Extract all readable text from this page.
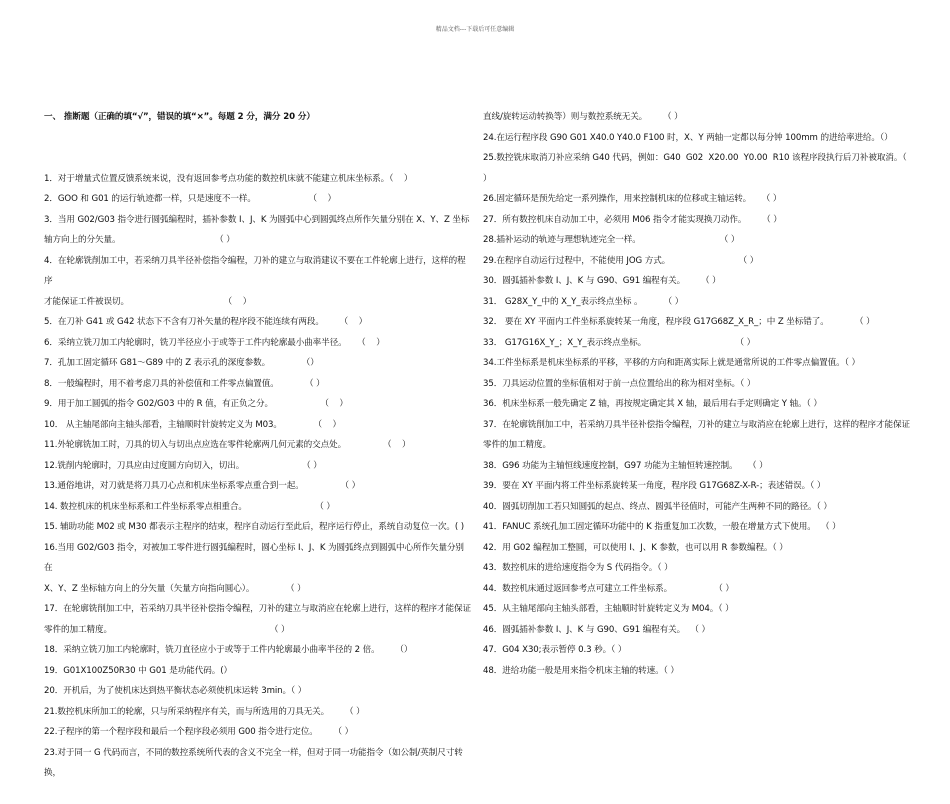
精品文档---下载后可任意编辑

一、 推断题（正确的填“√”，错误的填“×”。每题 2 分，满分 20 分）

1．对于增量式位置反馈系统来说，没有返回参考点功能的数控机床就不能建立机床坐标系。（    ）
2．GOO 和 G01 的运行轨迹都一样，只是速度不一样。                    （    ）
3．当用 G02/G03 指令进行圆弧编程时，插补参数 I、J、K 为圆弧中心到圆弧终点所作矢量分别在 X、Y、Z 坐标
轴方向上的分矢量。                                    （ ）
4．在轮廓铣削加工中，若采纳刀具半径补偿指令编程，刀补的建立与取消建议不要在工件轮廓上进行，这样的程序
才能保证工件被误切。                                    （    ）
5．在刀补 G41 或 G42 状态下不含有刀补矢量的程序段不能连续有两段。      （    ）
6．采纳立铣刀加工内轮廓时，铣刀半径应小于或等于工件内轮廓最小曲率半径。    （    ）
7．孔加工固定循环 G81～G89 中的 Z 表示孔的深度参数。            （）
8．一般编程时，用不着考虑刀具的补偿值和工件零点偏置值。          （ ）
9．用于加工圆弧的指令 G02/G03 中的 R 值，有正负之分。                  （    ）
10． 从主轴尾部向主轴头部看，主轴顺时针旋转定义为 M03。            （    ）
11.外轮廓铣加工时，刀具的切入与切出点应选在零件轮廓两几何元素的交点处。              （    ）
12.铣削内轮廓时，刀具应由过度圆方向切入，切出。                      （ ）
13.通俗地讲，对刀就是将刀具刀心点和机床坐标系零点重合到一起。              （ ）
14. 数控机床的机床坐标系和工件坐标系零点相重合。                          （ ）
15. 辅助功能 M02 或 M30 都表示主程序的结束，程序自动运行至此后，程序运行停止，系统自动复位一次。( )
16.当用 G02/G03 指令，对被加工零件进行圆弧编程时，圆心坐标 I、J、K 为圆弧终点到圆弧中心所作矢量分别在
X、Y、Z 坐标轴方向上的分矢量（矢量方向指向圆心）。            （ ）
17．在轮廓铣削加工中，若采纳刀具半径补偿指令编程，刀补的建立与取消应在轮廓上进行，这样的程序才能保证
零件的加工精度。                                                            （ ）
18．采纳立铣刀加工内轮廓时，铣刀直径应小于或等于工件内轮廓最小曲率半径的 2 倍。      （）
19．G01X100Z50R30 中 G01 是功能代码。(）
20．开机后，为了使机床达到热平衡状态必须使机床运转 3min。（ ）
21.数控机床所加工的轮廓，只与所采纳程序有关，而与所选用的刀具无关。      （ ）
22.子程序的第一个程序段和最后一个程序段必须用 G00 指令进行定位。      （ ）
23.对于同一 G 代码而言，不同的数控系统所代表的含义不完全一样，但对于同一功能指令（如公制/英制尺寸转换，

直线/旋转运动转换等）则与数控系统无关。      （ ）
24.在运行程序段 G90 G01 X40.0 Y40.0 F100 时，X、Y 两轴一定都以每分钟 100mm 的进给率进给。（）
25.数控铣床取消刀补应采纳 G40 代码，例如：G40  G02  X20.00  Y0.00  R10 该程序段执行后刀补被取消。（
）
26.固定循环是预先给定一系列操作，用来控制机床的位移或主轴运转。    （ ）
27．所有数控机床自动加工中，必须用 M06 指令才能实现换刀动作。      （ ）
28.插补运动的轨迹与理想轨迹完全一样。                              （ ）
29.在程序自动运行过程中，不能使用 JOG 方式。                          （ ）
30．圆弧插补参数 I、J、K 与 G90、G91 编程有关。      （ ）
31． G28X_Y_中的 X_Y_表示终点坐标 。        （ ）
32． 要在 XY 平面内工件坐标系旋转某一角度，程序段 G17G68Z_X_R_；中 Z 坐标错了。          （ ）
33． G17G16X_Y_；X_Y_表示终点坐标。                                  （ ）
34.工件坐标系是机床坐标系的平移，平移的方向和距离实际上就是通常所说的工件零点偏置值。（ ）
35．刀具运动位置的坐标值相对于前一点位置给出的称为相对坐标。（ ）
36．机床坐标系一般先确定 Z 轴，再按规定确定其 X 轴，最后用右手定则确定 Y 轴。（ ）
37．在轮廓铣削加工中，若采纳刀具半径补偿指令编程，刀补的建立与取消应在轮廓上进行，这样的程序才能保证
零件的加工精度。
38．G96 功能为主轴恒线速度控制，G97 功能为主轴恒转速控制。    （ ）
39．要在 XY 平面内将工件坐标系旋转某一角度，程序段 G17G68Z-X-R-；表述错误。（ ）
40．圆弧切削加工若只知圆弧的起点、终点、圆弧半径值时，可能产生两种不同的路径。（ ）
41．FANUC 系统孔加工固定循环功能中的 K 指重复加工次数，一般在增量方式下使用。  （ ）
42．用 G02 编程加工整圆，可以使用 I、J、K 参数，也可以用 R 参数编程。（ ）
43．数控机床的进给速度指令为 S 代码指令。（ ）
44．数控机床通过返回参考点可建立工件坐标系。                （ ）
45．从主轴尾部向主轴头部看，主轴顺时针旋转定义为 M04。（ ）
46．圆弧插补参数 I、J、K 与 G90、G91 编程有关。  （ ）
47．G04 X30;表示暂停 0.3 秒。（ ）
48．进给功能一般是用来指令机床主轴的转速。（ ）
